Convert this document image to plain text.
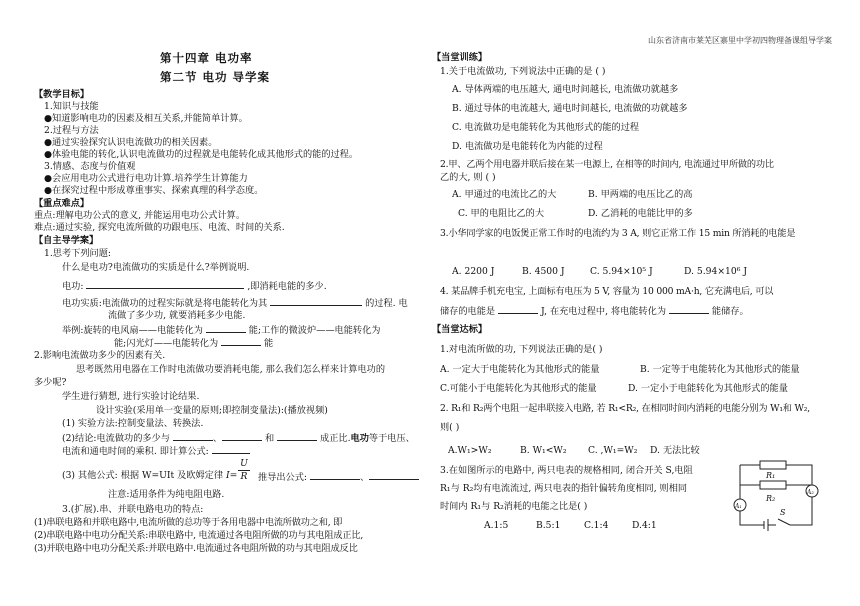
山东省济南市莱芜区寨里中学初四物理备课组导学案
第十四章 电功率
第二节 电功 导学案
【教学目标】
1.知识与技能
●知道影响电功的因素及相互关系,并能简单计算。
2.过程与方法
●通过实验探究认识电流做功的相关因素。
●体验电能的转化,认识电流做功的过程就是电能转化成其他形式的能的过程。
3.情感、态度与价值观
●会应用电功公式进行电功计算.培养学生计算能力
●在探究过程中形成尊重事实、探索真理的科学态度。
【重点难点】
重点:理解电功公式的意义, 并能运用电功公式计算。
难点:通过实验, 探究电流所做的功跟电压、电流、时间的关系.
【自主导学案】
1.思考下列问题:
什么是电功?电流做功的实质是什么?举例说明.
电功:	,即消耗电能的多少.
电功实质:电流做功的过程实际就是将电能转化为其	的过程. 电
流做了多少功, 就要消耗多少电能.
举例:旋转的电风扇——电能转化为	能;工作的微波炉——电能转化为
能;闪光灯——电能转化为	能
2.影响电流做功多少的因素有关.
思考既然用电器在工作时电流做功要消耗电能, 那么我们怎么样来计算电功的
多少呢?
学生进行猜想, 进行实验讨论结果.
设计实验(采用单一变量的原则;即控制变量法):(播放视频)
(1) 实验方法:控制变量法、转换法.
(2)结论:电流做功的多少与	、	和	成正比.电功等于电压、
电流和通电时间的乘积. 即计算公式:
(3) 其他公式: 根据 W=UIt 及欧姆定律 $I= \frac{U}{R}$ 推导出公式:	、
注意:适用条件为纯电阻电路.
3.(扩展).串、并联电路电功的特点:
(1)串联电路和并联电路中,电流所做的总功等于各用电器中电流所做功之和, 即
(2)串联电路中电功分配关系:串联电路中, 电流通过各电阻所做的功与其电阻成正比,
(3)并联电路中电功分配关系:并联电路中.电流通过各电阻所做的功与其电阻成反比
【当堂训练】
1.关于电流做功, 下列说法中正确的是 ( )
A. 导体两端的电压越大, 通电时间越长, 电流做功就越多
B. 通过导体的电流越大, 通电时间越长, 电流做的功就越多
C. 电流做功是电能转化为其他形式的能的过程
D. 电流做功是电能转化为内能的过程
2.甲、乙两个用电器并联后接在某一电源上, 在相等的时间内, 电流通过甲所做的功比
乙的大, 则 ( )
A. 甲通过的电流比乙的大	B. 甲两端的电压比乙的高
C. 甲的电阻比乙的大	D. 乙消耗的电能比甲的多
3.小华同学家的电饭煲正常工作时的电流约为 3 A, 则它正常工作 15 min 所消耗的电能是
A. 2200 J	B. 4500 J	C. 5.94×10⁵ J	D. 5.94×10⁶ J
4. 某品牌手机充电宝, 上面标有电压为 5 V, 容量为 10 000 mA·h, 它充满电后, 可以
储存的电能是	J, 在充电过程中, 将电能转化为	能储存。
【当堂达标】
1.对电流所做的功, 下列说法正确的是( )
A. 一定大于电能转化为其他形式的能量	B. 一定等于电能转化为其他形式的能量
C.可能小于电能转化为其他形式的能量	D. 一定小于电能转化为其他形式的能量
2. R₁和 R₂两个电阻一起串联接入电路, 若 R₁<R₂, 在相同时间内消耗的电能分别为 W₁和 W₂,
则( )
A.W₁>W₂	B. W₁<W₂ C. ,W₁=W₂ D. 无法比较
3.在如图所示的电路中, 两只电表的规格相同, 闭合开关 S,电阻
R₁与 R₂均有电流流过, 两只电表的指针偏转角度相同, 则相同
时间内 R₁与 R₂消耗的电能之比是( )
A.1:5	B.5:1	C.1:4	D.4:1
R₁
R₂
A₂
A₁
S
